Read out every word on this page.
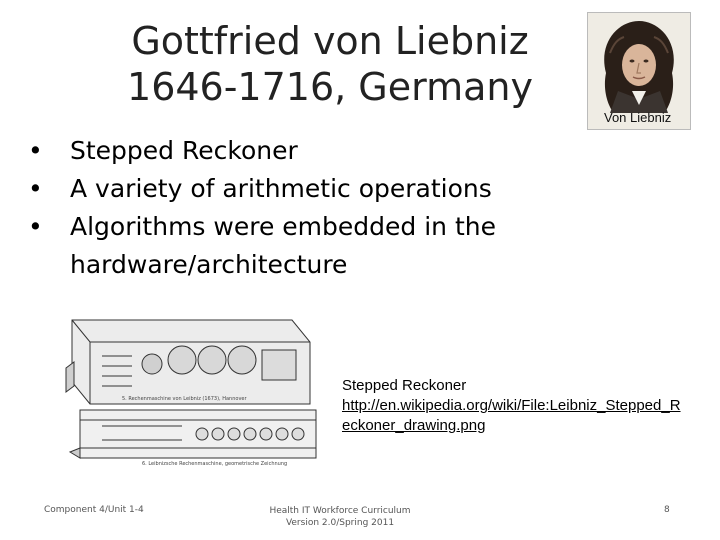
Gottfried von Liebniz
1646-1716, Germany
Von Liebniz
• Stepped Reckoner
• A variety of arithmetic operations
• Algorithms were embedded in the hardware/architecture
5. Rechenmaschine von Leibniz (1673), Hannover
6. Leibnizsche Rechenmaschine, geometrische Zeichnung
Stepped Reckoner
http://en.wikipedia.org/wiki/File:Leibniz_Stepped_Reckoner_drawing.png
Component 4/Unit 1-4	Health IT Workforce Curriculum Version 2.0/Spring 2011
8
